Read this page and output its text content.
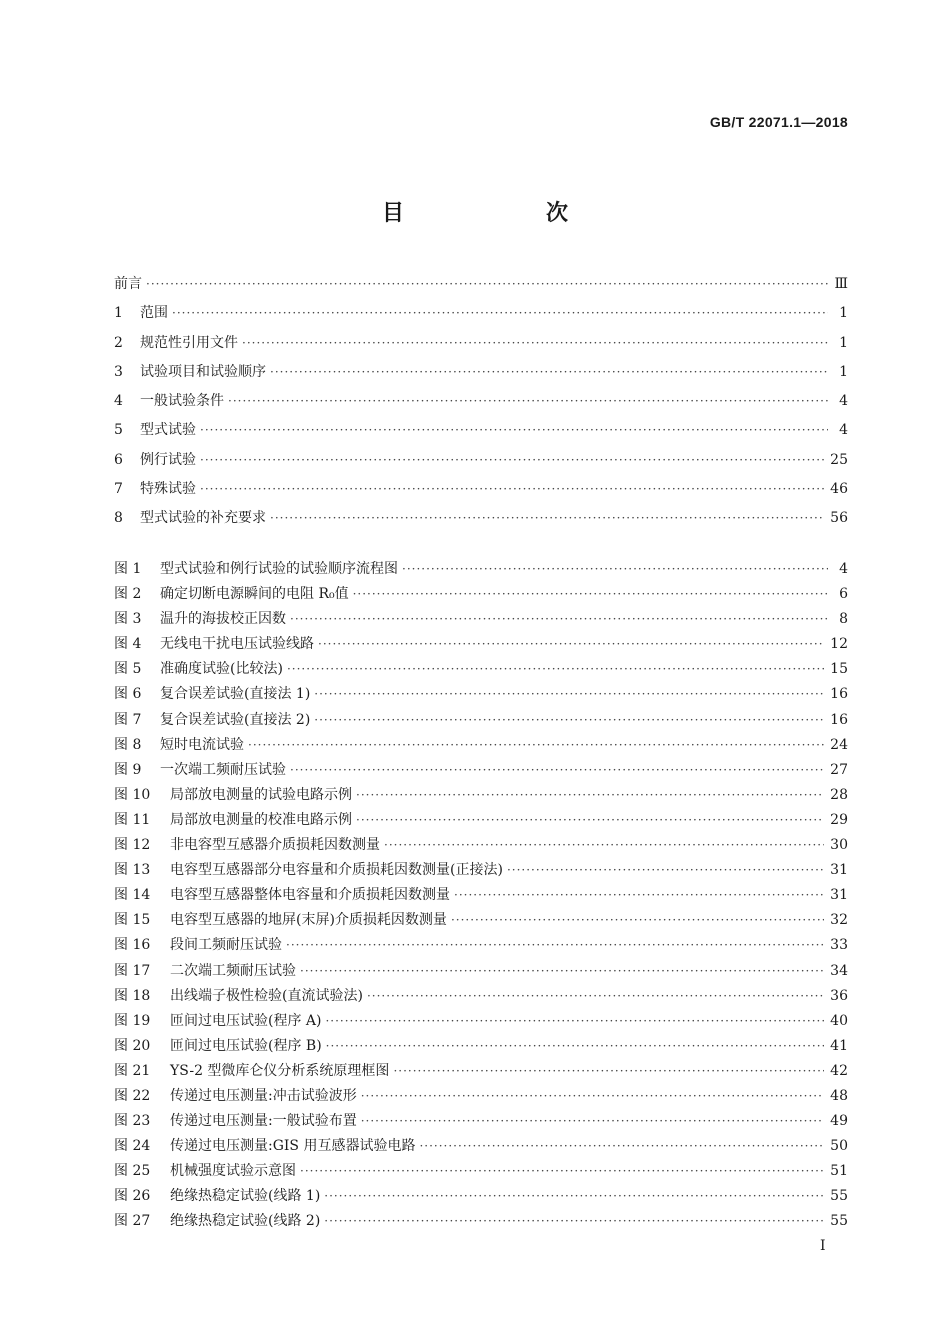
GB/T 22071.1—2018
目　次
前言 ·····	Ⅲ
1	范围 ·····	1
2	规范性引用文件 ·····	1
3	试验项目和试验顺序 ·····	1
4	一般试验条件 ·····	4
5	型式试验 ·····	4
6	例行试验 ·····	25
7	特殊试验 ·····	46
8	型式试验的补充要求 ·····	56
图 1	型式试验和例行试验的试验顺序流程图 ·····	4
图 2	确定切断电源瞬间的电阻 R₀值 ·····	6
图 3	温升的海拔校正因数 ·····	8
图 4	无线电干扰电压试验线路 ·····	12
图 5	准确度试验(比较法) ·····	15
图 6	复合误差试验(直接法 1) ·····	16
图 7	复合误差试验(直接法 2) ·····	16
图 8	短时电流试验 ·····	24
图 9	一次端工频耐压试验 ·····	27
图 10	局部放电测量的试验电路示例 ·····	28
图 11	局部放电测量的校准电路示例 ·····	29
图 12	非电容型互感器介质损耗因数测量 ·····	30
图 13	电容型互感器部分电容量和介质损耗因数测量(正接法) ·····	31
图 14	电容型互感器整体电容量和介质损耗因数测量 ·····	31
图 15	电容型互感器的地屏(末屏)介质损耗因数测量 ·····	32
图 16	段间工频耐压试验 ·····	33
图 17	二次端工频耐压试验 ·····	34
图 18	出线端子极性检验(直流试验法) ·····	36
图 19	匝间过电压试验(程序 A) ·····	40
图 20	匝间过电压试验(程序 B) ·····	41
图 21	YS-2 型微库仑仪分析系统原理框图 ·····	42
图 22	传递过电压测量:冲击试验波形 ·····	48
图 23	传递过电压测量:一般试验布置 ·····	49
图 24	传递过电压测量:GIS 用互感器试验电路 ·····	50
图 25	机械强度试验示意图 ·····	51
图 26	绝缘热稳定试验(线路 1) ·····	55
图 27	绝缘热稳定试验(线路 2) ·····	55
I
